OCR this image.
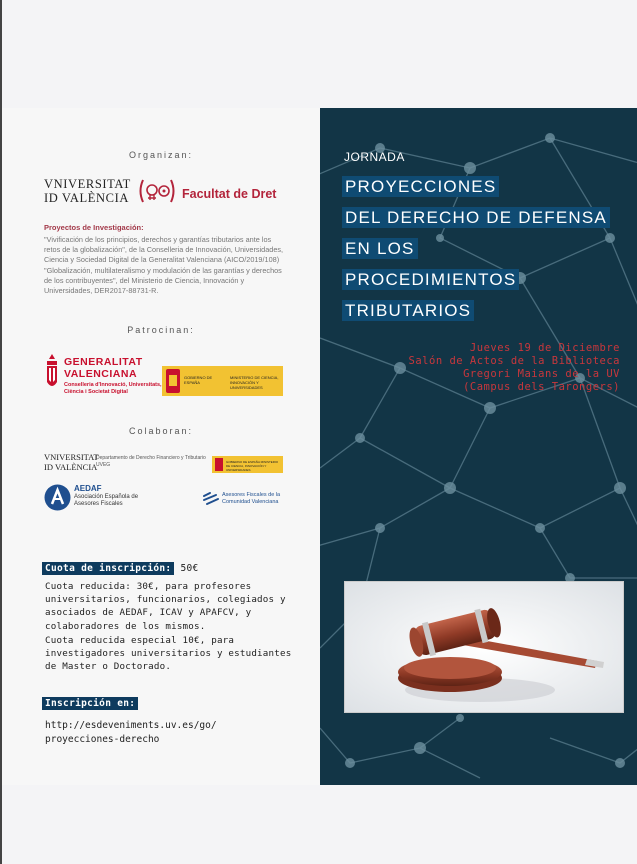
Organizan:
VNIVERSITAT
ID VALÈNCIA	Facultat de Dret
Proyectos de Investigación:
"Vivificación de los principios, derechos y garantías tributarios ante los retos de la globalización", de la Conselleria de Innovación, Universidades, Ciencia y Sociedad Digital de la Generalitat Valenciana (AICO/2019/108) "Globalización, multilateralismo y modulación de las garantías y derechos de los contribuyentes", del Ministerio de Ciencia, Innovación y Universidades, DER2017-88731-R.
Patrocinan:
GENERALITAT VALENCIANA
Conselleria d'Innovació, Universitats, Ciència i Societat Digital
GOBIERNO DE ESPAÑA
MINISTERIO DE CIENCIA, INNOVACIÓN Y UNIVERSIDADES
Colaboran:
VNIVERSITAT
ID VALÈNCIA
Departamento de Derecho Financiero y Tributario UVEG	GOBIERNO DE ESPAÑA MINISTERIO DE CIENCIA, INNOVACIÓN Y UNIVERSIDADES
AEDAF
Asociación Española de Asesores Fiscales
Asesores Fiscales de la Comunidad Valenciana
Cuota de inscripción: 50€

Cuota reducida: 30€, para profesores universitarios, funcionarios, colegiados y asociados de AEDAF, ICAV y APAFCV, y colaboradores de los mismos.

Cuota reducida especial 10€, para investigadores universitarios y estudiantes de Master o Doctorado.

Inscripción en:
http://esdeveniments.uv.es/go/
proyecciones-derecho
JORNADA
PROYECCIONES
DEL DERECHO DE DEFENSA
EN LOS
PROCEDIMIENTOS
TRIBUTARIOS
Jueves 19 de Diciembre
Salón de Actos de la Biblioteca
Gregori Maians de la UV
(Campus dels Tarongers)
